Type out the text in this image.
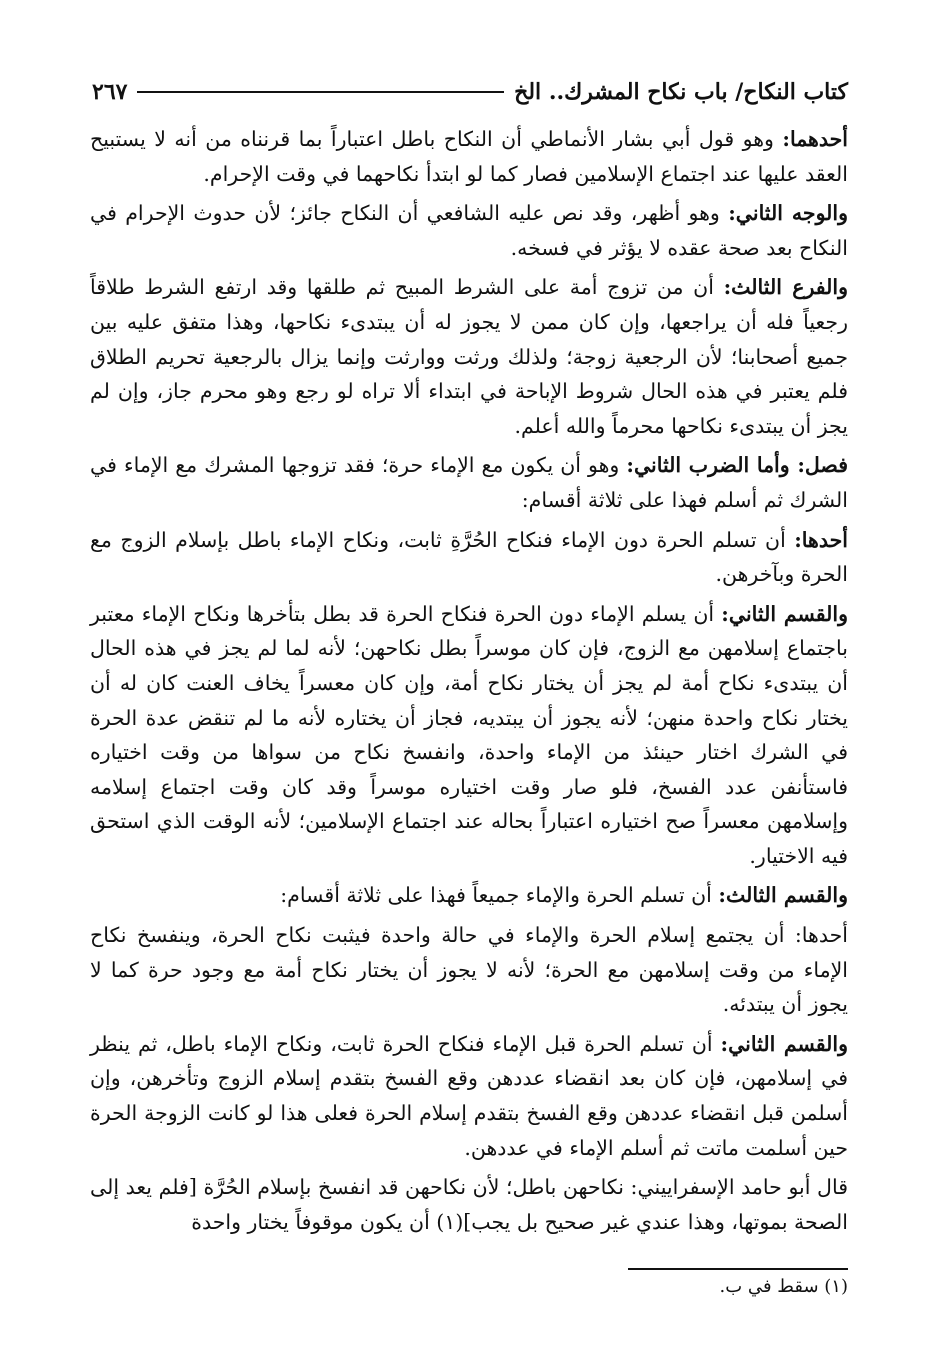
كتاب النكاح/ باب نكاح المشرك.. الخ
٢٦٧

أحدهما: وهو قول أبي بشار الأنماطي أن النكاح باطل اعتباراً بما قرنناه من أنه لا يستبيح العقد عليها عند اجتماع الإسلامين فصار كما لو ابتدأ نكاحهما في وقت الإحرام.

والوجه الثاني: وهو أظهر، وقد نص عليه الشافعي أن النكاح جائز؛ لأن حدوث الإحرام في النكاح بعد صحة عقده لا يؤثر في فسخه.

والفرع الثالث: أن من تزوج أمة على الشرط المبيح ثم طلقها وقد ارتفع الشرط طلاقاً رجعياً فله أن يراجعها، وإن كان ممن لا يجوز له أن يبتدىء نكاحها، وهذا متفق عليه بين جميع أصحابنا؛ لأن الرجعية زوجة؛ ولذلك ورثت ووارثت وإنما يزال بالرجعية تحريم الطلاق فلم يعتبر في هذه الحال شروط الإباحة في ابتداء ألا تراه لو رجع وهو محرم جاز، وإن لم يجز أن يبتدىء نكاحها محرماً والله أعلم.

فصل: وأما الضرب الثاني: وهو أن يكون مع الإماء حرة؛ فقد تزوجها المشرك مع الإماء في الشرك ثم أسلم فهذا على ثلاثة أقسام:

أحدها: أن تسلم الحرة دون الإماء فنكاح الحُرَّةِ ثابت، ونكاح الإماء باطل بإسلام الزوج مع الحرة وبآخرهن.

والقسم الثاني: أن يسلم الإماء دون الحرة فنكاح الحرة قد بطل بتأخرها ونكاح الإماء معتبر باجتماع إسلامهن مع الزوج، فإن كان موسراً بطل نكاحهن؛ لأنه لما لم يجز في هذه الحال أن يبتدىء نكاح أمة لم يجز أن يختار نكاح أمة، وإن كان معسراً يخاف العنت كان له أن يختار نكاح واحدة منهن؛ لأنه يجوز أن يبتديه، فجاز أن يختاره لأنه ما لم تنقض عدة الحرة في الشرك اختار حينئذ من الإماء واحدة، وانفسخ نكاح من سواها من وقت اختياره فاستأنفن عدد الفسخ، فلو صار وقت اختياره موسراً وقد كان وقت اجتماع إسلامه وإسلامهن معسراً صح اختياره اعتباراً بحاله عند اجتماع الإسلامين؛ لأنه الوقت الذي استحق فيه الاختيار.

والقسم الثالث: أن تسلم الحرة والإماء جميعاً فهذا على ثلاثة أقسام:

أحدها: أن يجتمع إسلام الحرة والإماء في حالة واحدة فيثبت نكاح الحرة، وينفسخ نكاح الإماء من وقت إسلامهن مع الحرة؛ لأنه لا يجوز أن يختار نكاح أمة مع وجود حرة كما لا يجوز أن يبتدئه.

والقسم الثاني: أن تسلم الحرة قبل الإماء فنكاح الحرة ثابت، ونكاح الإماء باطل، ثم ينظر في إسلامهن، فإن كان بعد انقضاء عددهن وقع الفسخ بتقدم إسلام الزوج وتأخرهن، وإن أسلمن قبل انقضاء عددهن وقع الفسخ بتقدم إسلام الحرة فعلى هذا لو كانت الزوجة الحرة حين أسلمت ماتت ثم أسلم الإماء في عددهن.

قال أبو حامد الإسفراييني: نكاحهن باطل؛ لأن نكاحهن قد انفسخ بإسلام الحُرَّة [فلم يعد إلى الصحة بموتها، وهذا عندي غير صحيح بل يجب](١) أن يكون موقوفاً يختار واحدة

(١) سقط في ب.
